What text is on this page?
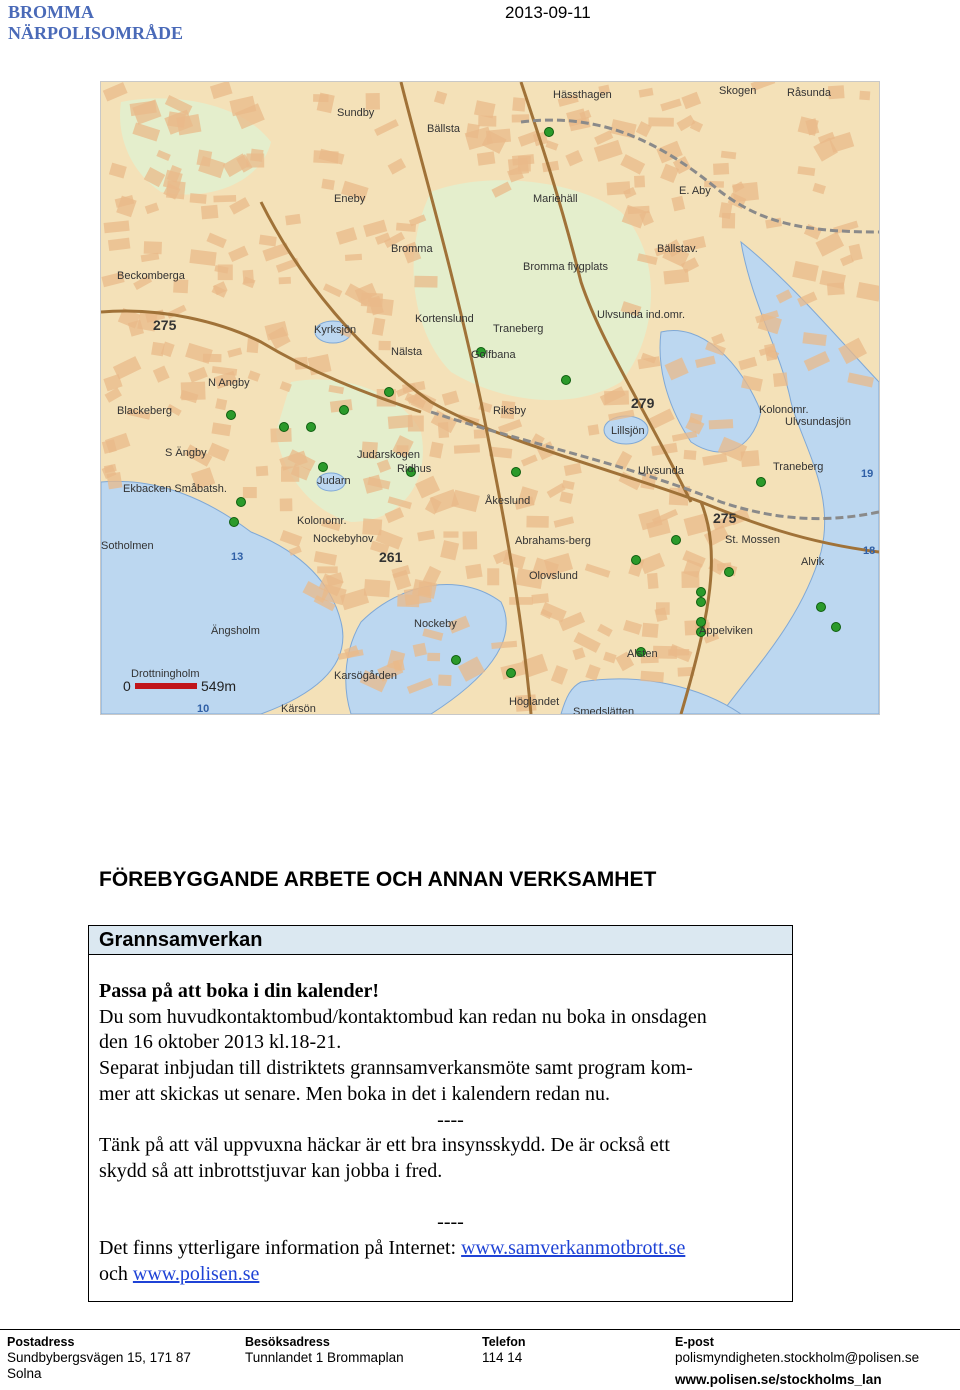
BROMMA
NÄRPOLISOMRÅDE
2013-09-11
Hässthagen	Skogen	Råsunda
Sundby
Bällsta
Eneby	Mariehäll
E. Aby
Bromma	Bällstav.
Beckomberga
Bromma flygplats
Ulvsunda ind.omr.
Kortenslund
Kyrksjön
Nälsta
Traneberg
Golfbana
N Angby
Blackeberg	Riksby
Lillsjön
Ulvsunda
Kolonomr.
Ulvsundasjön
S Ängby	Judarskogen
Ridhus	Traneberg
Ekbacken Småbatsh.
Judarn
Åkeslund
Sotholmen
Kolonomr.
Nockebyhov	Abrahams-berg	St. Mossen
Alvik
Ängsholm
Olovslund
Nockeby
Appelviken
Drottningholm	Karsögården
Alsten
Höglandet
Kärsön	Smedslätten
275
279
261
275
13
19
18
10
0	549m
FÖREBYGGANDE ARBETE OCH ANNAN VERKSAMHET
Grannsamverkan

Passa på att boka i din kalender!

Du som huvudkontaktombud/kontaktombud kan redan nu boka in onsdagen

den 16 oktober 2013 kl.18-21.

Separat inbjudan till distriktets grannsamverkansmöte samt program kom-

mer att skickas ut senare. Men boka in det i kalendern redan nu.

----

Tänk på att väl uppvuxna häckar är ett bra insynsskydd. De är också ett

skydd så att inbrottstjuvar kan jobba i fred.

----

Det finns ytterligare information på Internet: www.samverkanmotbrott.se

och www.polisen.se

Postadress
Sundbybergsvägen 15, 171 87
Solna
Besöksadress
Tunnlandet 1 Brommaplan
Telefon
114 14
E-post
polismyndigheten.stockholm@polisen.se
www.polisen.se/stockholms_lan
